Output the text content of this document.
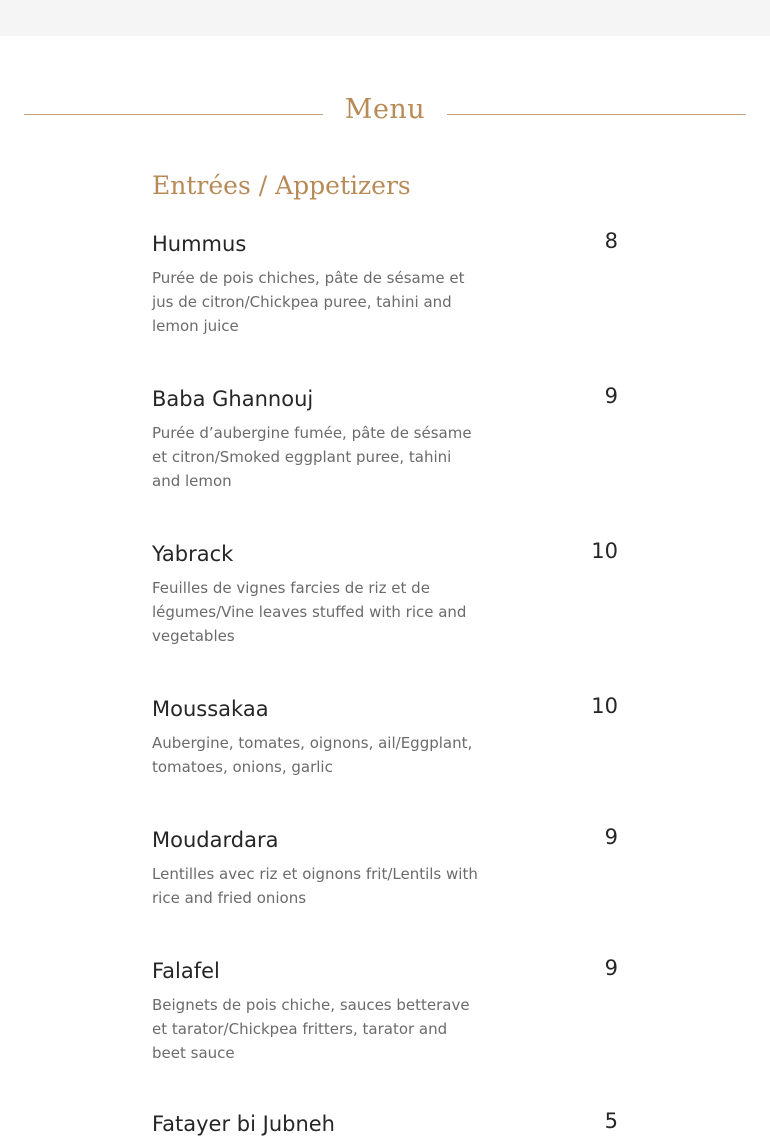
Menu
Entrées / Appetizers
Hummus	8
Purée de pois chiches, pâte de sésame et jus de citron/Chickpea puree, tahini and lemon juice
Baba Ghannouj	9
Purée d’aubergine fumée, pâte de sésame et citron/Smoked eggplant puree, tahini and lemon
Yabrack	10
Feuilles de vignes farcies de riz et de légumes/Vine leaves stuffed with rice and vegetables
Moussakaa	10
Aubergine, tomates, oignons, ail/Eggplant, tomatoes, onions, garlic
Moudardara	9
Lentilles avec riz et oignons frit/Lentils with rice and fried onions
Falafel	9
Beignets de pois chiche, sauces betterave et tarator/Chickpea fritters, tarator and beet sauce
Fatayer bi Jubneh	5
